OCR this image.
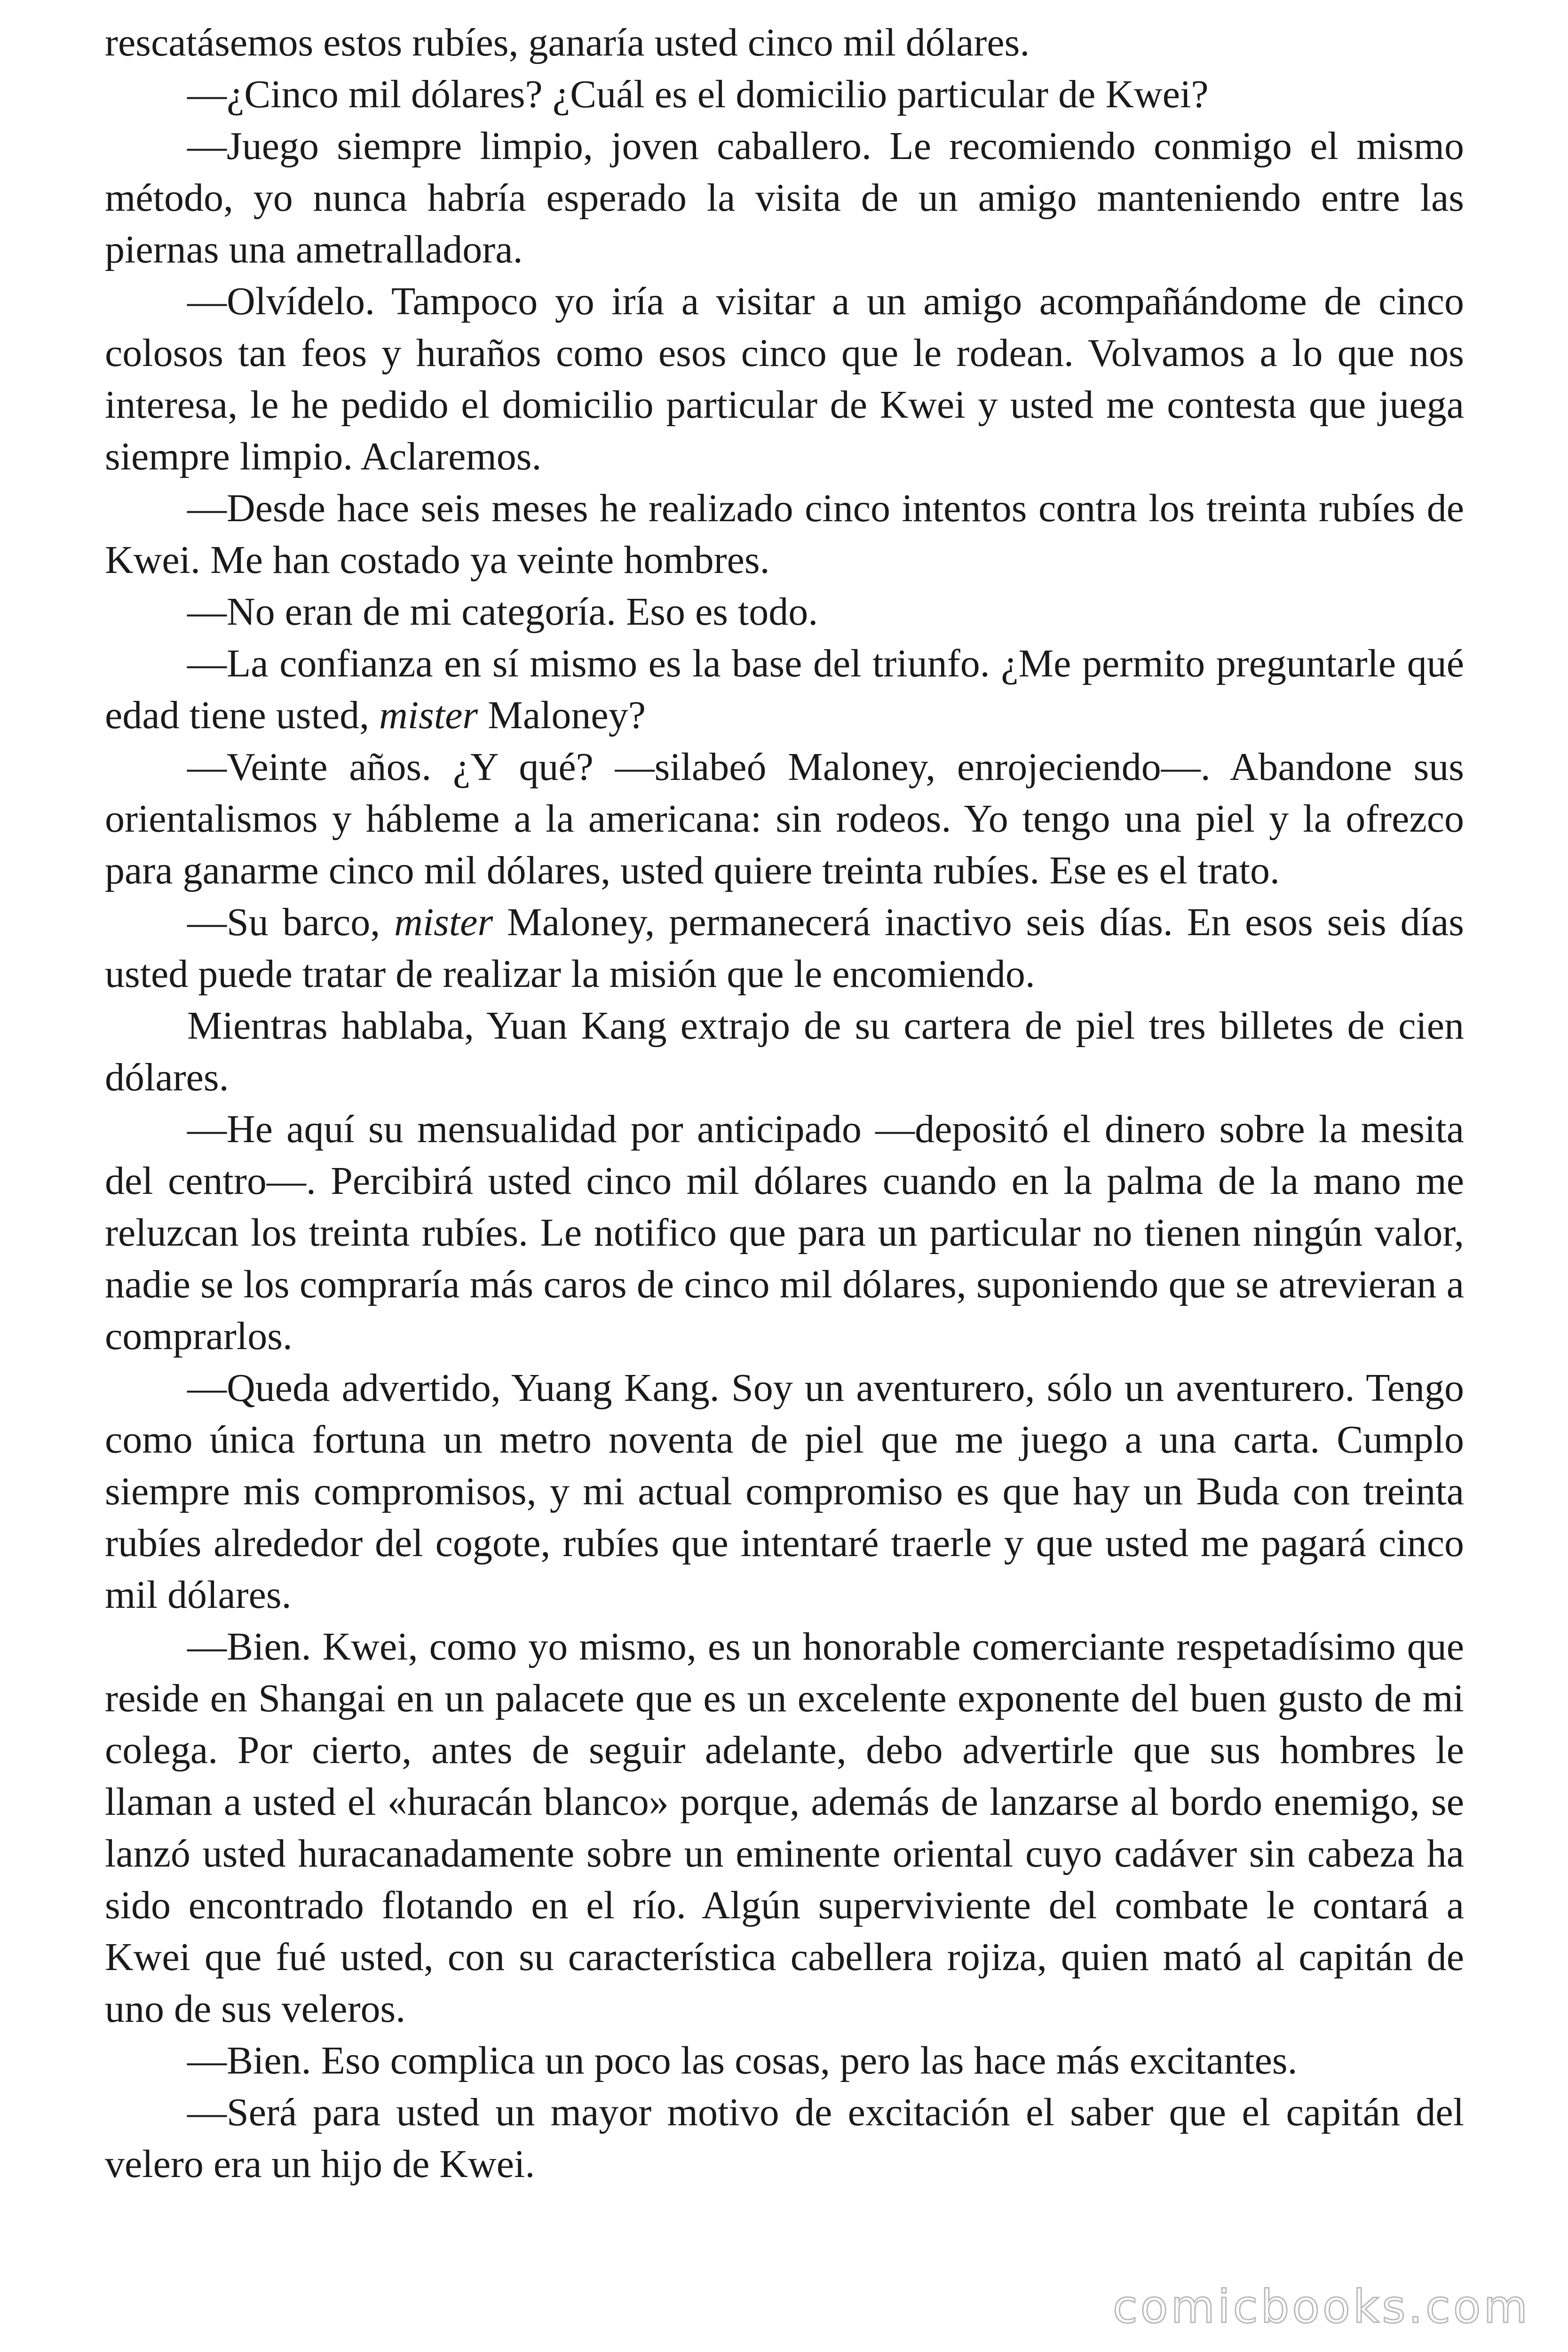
rescatásemos estos rubíes, ganaría usted cinco mil dólares.

—¿Cinco mil dólares? ¿Cuál es el domicilio particular de Kwei?

—Juego siempre limpio, joven caballero. Le recomiendo conmigo el mismo método, yo nunca habría esperado la visita de un amigo manteniendo entre las piernas una ametralladora.

—Olvídelo. Tampoco yo iría a visitar a un amigo acompañándome de cinco colosos tan feos y huraños como esos cinco que le rodean. Volvamos a lo que nos interesa, le he pedido el domicilio particular de Kwei y usted me contesta que juega siempre limpio. Aclaremos.

—Desde hace seis meses he realizado cinco intentos contra los treinta rubíes de Kwei. Me han costado ya veinte hombres.

—No eran de mi categoría. Eso es todo.

—La confianza en sí mismo es la base del triunfo. ¿Me permito preguntarle qué edad tiene usted, mister Maloney?

—Veinte años. ¿Y qué? —silabeó Maloney, enrojeciendo—. Abandone sus orientalismos y hábleme a la americana: sin rodeos. Yo tengo una piel y la ofrezco para ganarme cinco mil dólares, usted quiere treinta rubíes. Ese es el trato.

—Su barco, mister Maloney, permanecerá inactivo seis días. En esos seis días usted puede tratar de realizar la misión que le encomiendo.

Mientras hablaba, Yuan Kang extrajo de su cartera de piel tres billetes de cien dólares.

—He aquí su mensualidad por anticipado —depositó el dinero sobre la mesita del centro—. Percibirá usted cinco mil dólares cuando en la palma de la mano me reluzcan los treinta rubíes. Le notifico que para un particular no tienen ningún valor, nadie se los compraría más caros de cinco mil dólares, suponiendo que se atrevieran a comprarlos.

—Queda advertido, Yuang Kang. Soy un aventurero, sólo un aventurero. Tengo como única fortuna un metro noventa de piel que me juego a una carta. Cumplo siempre mis compromisos, y mi actual compromiso es que hay un Buda con treinta rubíes alrededor del cogote, rubíes que intentaré traerle y que usted me pagará cinco mil dólares.

—Bien. Kwei, como yo mismo, es un honorable comerciante respetadísimo que reside en Shangai en un palacete que es un excelente exponente del buen gusto de mi colega. Por cierto, antes de seguir adelante, debo advertirle que sus hombres le llaman a usted el «huracán blanco» porque, además de lanzarse al bordo enemigo, se lanzó usted huracanadamente sobre un eminente oriental cuyo cadáver sin cabeza ha sido encontrado flotando en el río. Algún superviviente del combate le contará a Kwei que fué usted, con su característica cabellera rojiza, quien mató al capitán de uno de sus veleros.

—Bien. Eso complica un poco las cosas, pero las hace más excitantes.

—Será para usted un mayor motivo de excitación el saber que el capitán del velero era un hijo de Kwei.

comicbooks.com
